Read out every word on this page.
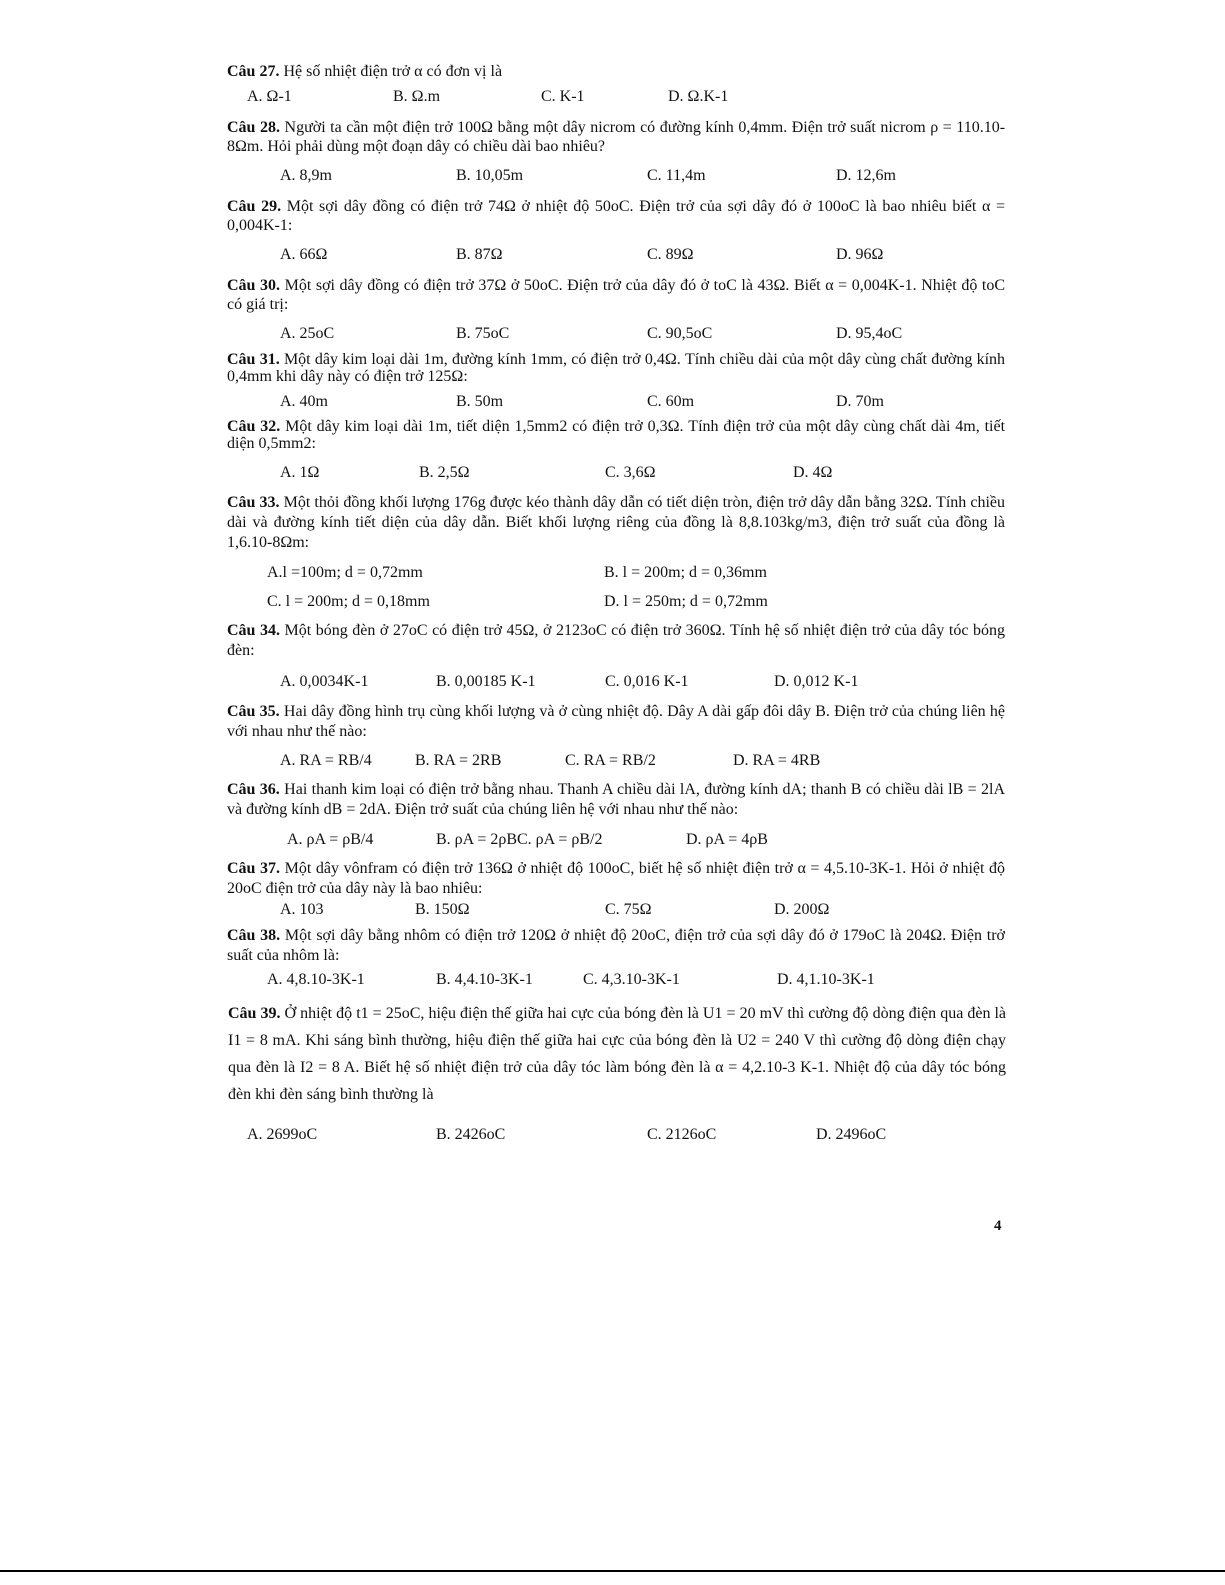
Câu 27. Hệ số nhiệt điện trở α có đơn vị là
A. Ω-1	B. Ω.m	C. K-1	D. Ω.K-1
Câu 28. Người ta cần một điện trở 100Ω bằng một dây nicrom có đường kính 0,4mm. Điện trở suất nicrom ρ = 110.10-8Ωm. Hỏi phải dùng một đoạn dây có chiều dài bao nhiêu?
A. 8,9m	B. 10,05m	C. 11,4m	D. 12,6m
Câu 29. Một sợi dây đồng có điện trở 74Ω ở nhiệt độ 50oC. Điện trở của sợi dây đó ở 100oC là bao nhiêu biết α = 0,004K-1:
A. 66Ω	B. 87Ω	C. 89Ω	D. 96Ω
Câu 30. Một sợi dây đồng có điện trở 37Ω ở 50oC. Điện trở của dây đó ở toC là 43Ω. Biết α = 0,004K-1. Nhiệt độ toC có giá trị:
A. 25oC	B. 75oC	C. 90,5oC	D. 95,4oC
Câu 31. Một dây kim loại dài 1m, đường kính 1mm, có điện trở 0,4Ω. Tính chiều dài của một dây cùng chất đường kính 0,4mm khi dây này có điện trở 125Ω:
A. 40m	B. 50m	C. 60m	D. 70m
Câu 32. Một dây kim loại dài 1m, tiết diện 1,5mm2 có điện trở 0,3Ω. Tính điện trở của một dây cùng chất dài 4m, tiết diện 0,5mm2:
A. 1Ω	B. 2,5Ω	C. 3,6Ω	D. 4Ω
Câu 33. Một thỏi đồng khối lượng 176g được kéo thành dây dẫn có tiết diện tròn, điện trở dây dẫn bằng 32Ω. Tính chiều dài và đường kính tiết diện của dây dẫn. Biết khối lượng riêng của đồng là 8,8.103kg/m3, điện trở suất của đồng là 1,6.10-8Ωm:
A.l =100m; d = 0,72mm	B. l = 200m; d = 0,36mm
C. l = 200m; d = 0,18mm	D. l = 250m; d = 0,72mm
Câu 34. Một bóng đèn ở 27oC có điện trở 45Ω, ở 2123oC có điện trở 360Ω. Tính hệ số nhiệt điện trở của dây tóc bóng đèn:
A. 0,0034K-1	B. 0,00185 K-1	C. 0,016 K-1	D. 0,012 K-1
Câu 35. Hai dây đồng hình trụ cùng khối lượng và ở cùng nhiệt độ. Dây A dài gấp đôi dây B. Điện trở của chúng liên hệ với nhau như thế nào:
A. RA = RB/4	B. RA = 2RB	C. RA = RB/2	D. RA = 4RB
Câu 36. Hai thanh kim loại có điện trở bằng nhau. Thanh A chiều dài lA, đường kính dA; thanh B có chiều dài lB = 2lA và đường kính dB = 2dA. Điện trở suất của chúng liên hệ với nhau như thế nào:
A. ρA = ρB/4	B. ρA = 2ρBC. ρA = ρB/2	D. ρA = 4ρB
Câu 37. Một dây vônfram có điện trở 136Ω ở nhiệt độ 100oC, biết hệ số nhiệt điện trở α = 4,5.10-3K-1. Hỏi ở nhiệt độ 20oC điện trở của dây này là bao nhiêu:
A. 103	B. 150Ω	C. 75Ω	D. 200Ω
Câu 38. Một sợi dây bằng nhôm có điện trở 120Ω ở nhiệt độ 20oC, điện trở của sợi dây đó ở 179oC là 204Ω. Điện trở suất của nhôm là:
A. 4,8.10-3K-1	B. 4,4.10-3K-1	C. 4,3.10-3K-1	D. 4,1.10-3K-1
Câu 39. Ở nhiệt độ t1 = 25oC, hiệu điện thế giữa hai cực của bóng đèn là U1 = 20 mV thì cường độ dòng điện qua đèn là I1 = 8 mA. Khi sáng bình thường, hiệu điện thế giữa hai cực của bóng đèn là U2 = 240 V thì cường độ dòng điện chạy qua đèn là I2 = 8 A. Biết hệ số nhiệt điện trở của dây tóc làm bóng đèn là α = 4,2.10-3 K-1. Nhiệt độ của dây tóc bóng đèn khi đèn sáng bình thường là
A. 2699oC	B. 2426oC	C. 2126oC	D. 2496oC
4
